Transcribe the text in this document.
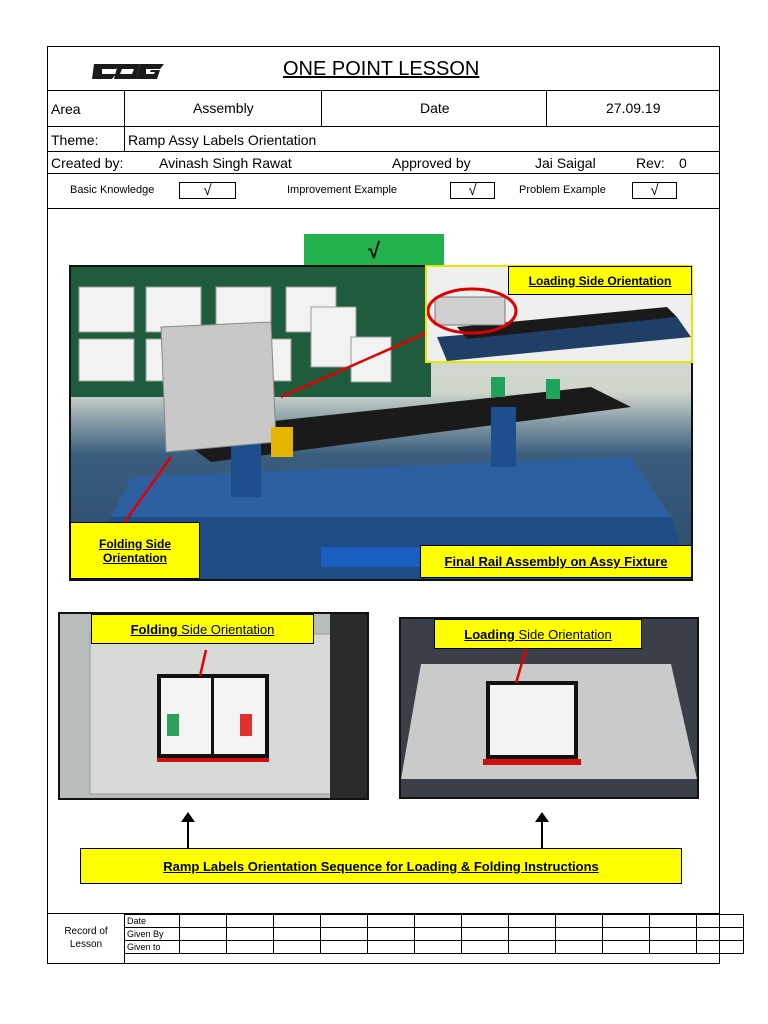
ONE POINT LESSON
Area	Assembly	Date	27.09.19
Theme: Ramp Assy Labels Orientation
Created by:	Avinash Singh Rawat	Approved by	Jai Saigal	Rev: 0
Basic Knowledge	√	Improvement Example	√	Problem Example	√
√
Loading Side Orientation
Folding Side Orientation	Final Rail Assembly on Assy Fixture
Folding Side Orientation	Loading Side Orientation
Ramp Labels Orientation Sequence for Loading & Folding Instructions
Record of Lesson
Date												
Given By												
Given to												
